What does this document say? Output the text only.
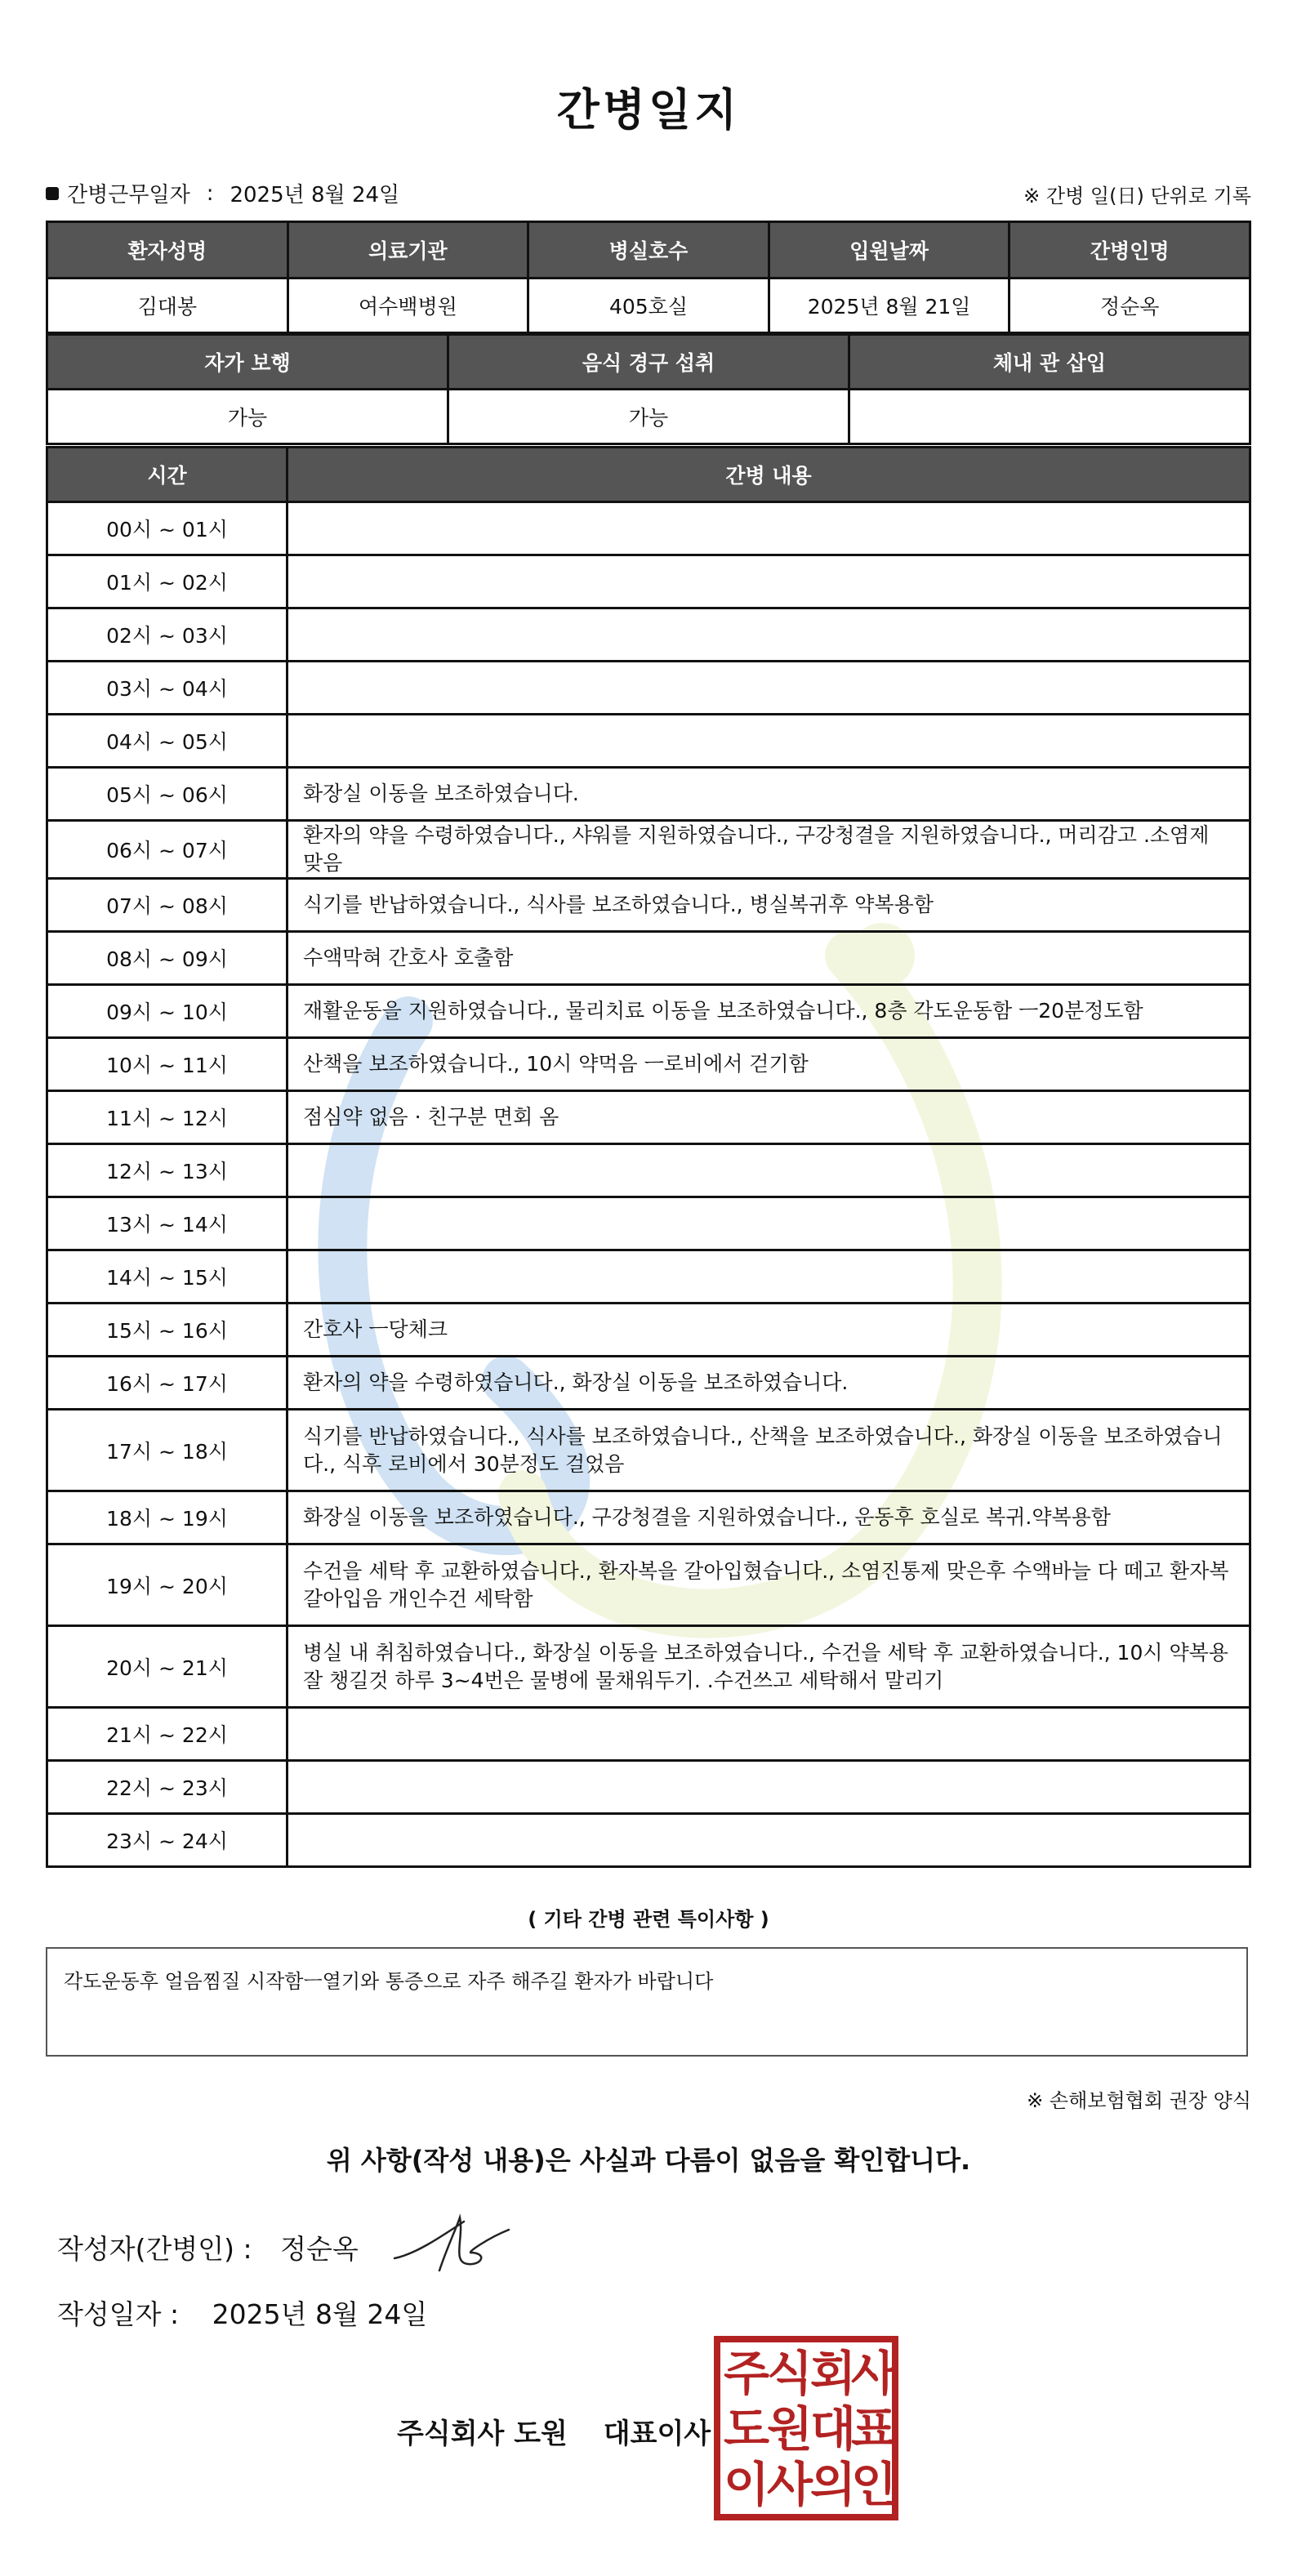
간병일지
간병근무일자 : 2025년 8월 24일	※ 간병 일(日) 단위로 기록
환자성명	의료기관	병실호수	입원날짜	간병인명
김대봉	여수백병원	405호실	2025년 8월 21일	정순옥
자가 보행	음식 경구 섭취	체내 관 삽입
가능	가능	
시간	간병 내용
00시 ~ 01시	
01시 ~ 02시	
02시 ~ 03시	
03시 ~ 04시	
04시 ~ 05시	
05시 ~ 06시	화장실 이동을 보조하였습니다.
06시 ~ 07시	환자의 약을 수령하였습니다., 샤워를 지원하였습니다., 구강청결을 지원하였습니다., 머리감고 .소염제 맞음
07시 ~ 08시	식기를 반납하였습니다., 식사를 보조하였습니다., 병실복귀후 약복용함
08시 ~ 09시	수액막혀 간호사 호출함
09시 ~ 10시	재활운동을 지원하였습니다., 물리치료 이동을 보조하였습니다., 8층 각도운동함 ㅡ20분정도함
10시 ~ 11시	산책을 보조하였습니다., 10시 약먹음 ㅡ로비에서 걷기함
11시 ~ 12시	점심약 없음 · 친구분 면회 옴
12시 ~ 13시	
13시 ~ 14시	
14시 ~ 15시	
15시 ~ 16시	간호사 ㅡ당체크
16시 ~ 17시	환자의 약을 수령하였습니다., 화장실 이동을 보조하였습니다.
17시 ~ 18시	식기를 반납하였습니다., 식사를 보조하였습니다., 산책을 보조하였습니다., 화장실 이동을 보조하였습니다., 식후 로비에서 30분정도 걸었음
18시 ~ 19시	화장실 이동을 보조하였습니다., 구강청결을 지원하였습니다., 운동후 호실로 복귀.약복용함
19시 ~ 20시	수건을 세탁 후 교환하였습니다., 환자복을 갈아입혔습니다., 소염진통제 맞은후 수액바늘 다 떼고 환자복 갈아입음 개인수건 세탁함
20시 ~ 21시	병실 내 취침하였습니다., 화장실 이동을 보조하였습니다., 수건을 세탁 후 교환하였습니다., 10시 약복용 잘 챙길것 하루 3~4번은 물병에 물채워두기. .수건쓰고 세탁해서 말리기
21시 ~ 22시	
22시 ~ 23시	
23시 ~ 24시	
( 기타 간병 관련 특이사항 )
각도운동후 얼음찜질 시작함ㅡ열기와 통증으로 자주 해주길 환자가 바랍니다
※ 손해보험협회 권장 양식
위 사항(작성 내용)은 사실과 다름이 없음을 확인합니다.
작성자(간병인) : 정순옥
작성일자 : 2025년 8월 24일
주식회사 도원 대표이사
주
식
회
사
도
원
대
표
이
사
의
인
